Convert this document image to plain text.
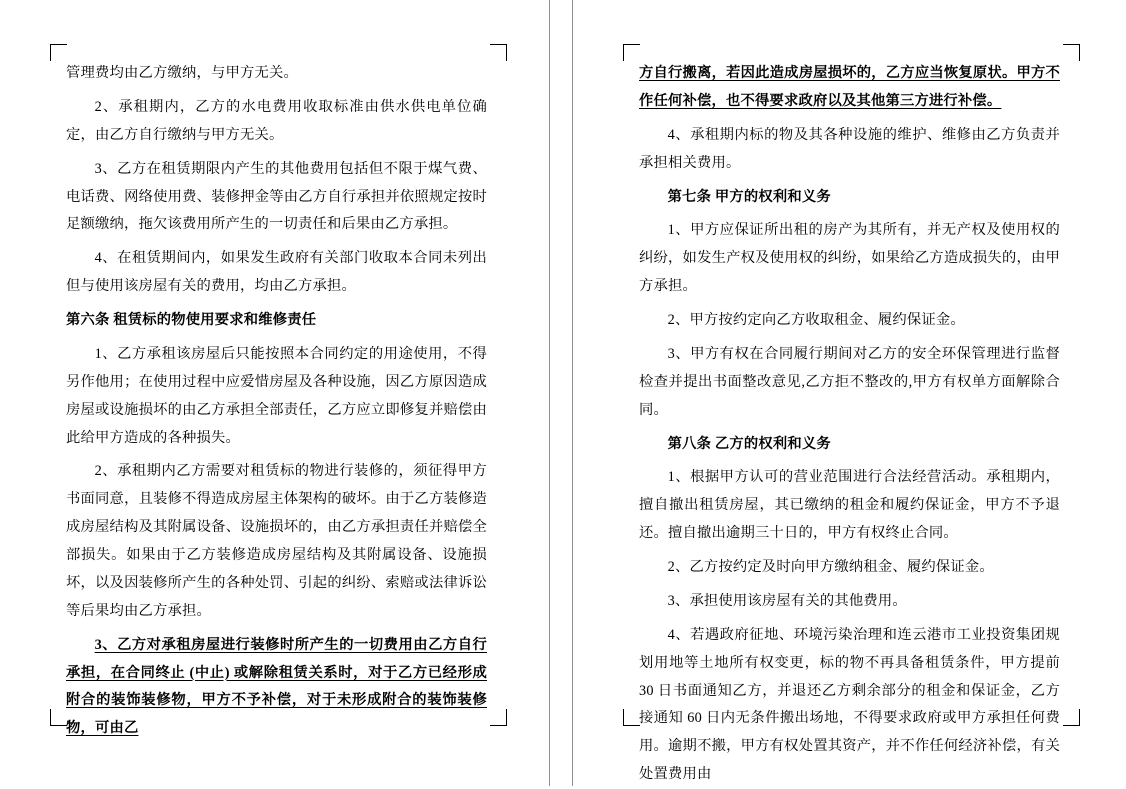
管理费均由乙方缴纳，与甲方无关。

2、承租期内，乙方的水电费用收取标准由供水供电单位确定，由乙方自行缴纳与甲方无关。

3、乙方在租赁期限内产生的其他费用包括但不限于煤气费、电话费、网络使用费、装修押金等由乙方自行承担并依照规定按时足额缴纳，拖欠该费用所产生的一切责任和后果由乙方承担。

4、在租赁期间内，如果发生政府有关部门收取本合同未列出但与使用该房屋有关的费用，均由乙方承担。

第六条 租赁标的物使用要求和维修责任

1、乙方承租该房屋后只能按照本合同约定的用途使用，不得另作他用；在使用过程中应爱惜房屋及各种设施，因乙方原因造成房屋或设施损坏的由乙方承担全部责任，乙方应立即修复并赔偿由此给甲方造成的各种损失。

2、承租期内乙方需要对租赁标的物进行装修的，须征得甲方书面同意，且装修不得造成房屋主体架构的破坏。由于乙方装修造成房屋结构及其附属设备、设施损坏的，由乙方承担责任并赔偿全部损失。如果由于乙方装修造成房屋结构及其附属设备、设施损坏，以及因装修所产生的各种处罚、引起的纠纷、索赔或法律诉讼等后果均由乙方承担。

3、乙方对承租房屋进行装修时所产生的一切费用由乙方自行承担，在合同终止 (中止) 或解除租赁关系时，对于乙方已经形成附合的装饰装修物，甲方不予补偿，对于未形成附合的装饰装修物，可由乙

方自行搬离，若因此造成房屋损坏的，乙方应当恢复原状。甲方不作任何补偿，也不得要求政府以及其他第三方进行补偿。

4、承租期内标的物及其各种设施的维护、维修由乙方负责并承担相关费用。

第七条 甲方的权利和义务

1、甲方应保证所出租的房产为其所有，并无产权及使用权的纠纷，如发生产权及使用权的纠纷，如果给乙方造成损失的，由甲方承担。

2、甲方按约定向乙方收取租金、履约保证金。

3、甲方有权在合同履行期间对乙方的安全环保管理进行监督检查并提出书面整改意见,乙方拒不整改的,甲方有权单方面解除合同。

第八条 乙方的权利和义务

1、根据甲方认可的营业范围进行合法经营活动。承租期内，擅自撤出租赁房屋，其已缴纳的租金和履约保证金，甲方不予退还。擅自撤出逾期三十日的，甲方有权终止合同。

2、乙方按约定及时向甲方缴纳租金、履约保证金。

3、承担使用该房屋有关的其他费用。

4、若遇政府征地、环境污染治理和连云港市工业投资集团规划用地等土地所有权变更，标的物不再具备租赁条件，甲方提前 30 日书面通知乙方，并退还乙方剩余部分的租金和保证金，乙方接通知 60 日内无条件搬出场地，不得要求政府或甲方承担任何费用。逾期不搬，甲方有权处置其资产，并不作任何经济补偿，有关处置费用由
